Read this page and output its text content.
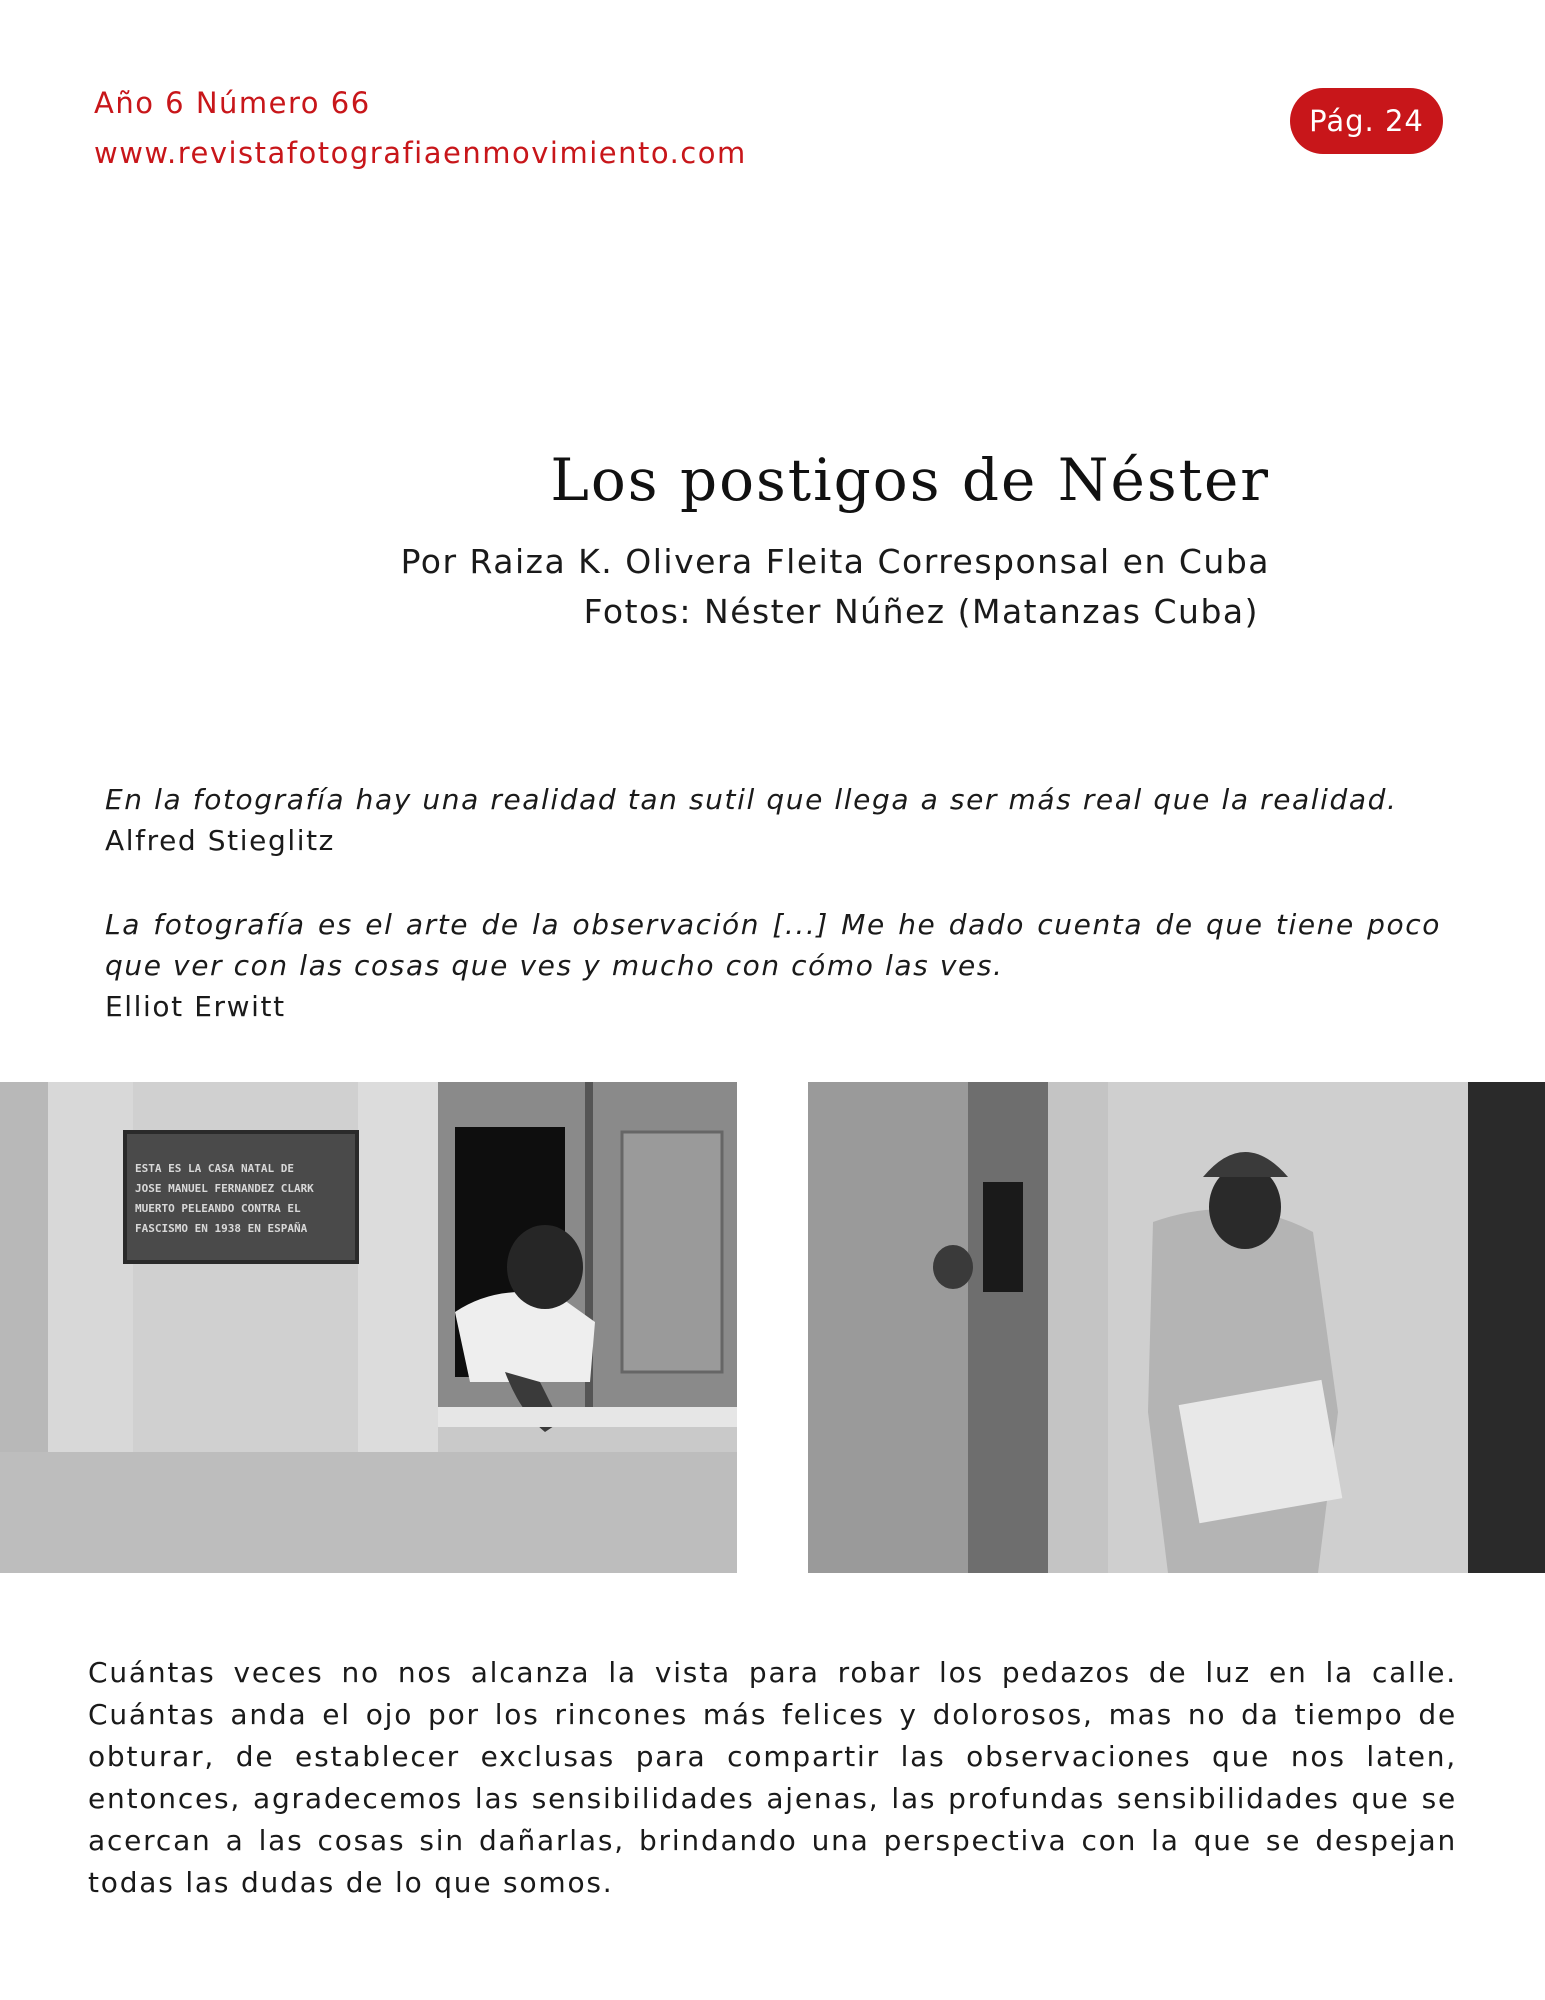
Año 6 Número 66
www.revistafotografiaenmovimiento.com
Pág. 24
Los postigos de Néster
Por Raiza K. Olivera Fleita Corresponsal en Cuba
Fotos: Néster Núñez (Matanzas Cuba)
En la fotografía hay una realidad tan sutil que llega a ser más real que la realidad.
Alfred Stieglitz
La fotografía es el arte de la observación [...] Me he dado cuenta de que tiene poco que ver con las cosas que ves y mucho con cómo las ves.
Elliot Erwitt
ESTA ES LA CASA NATAL DE
JOSE MANUEL FERNANDEZ CLARK
MUERTO PELEANDO CONTRA EL
FASCISMO EN 1938 EN ESPAÑA
Cuántas veces no nos alcanza la vista para robar los pedazos de luz en la calle. Cuántas anda el ojo por los rincones más felices y dolorosos, mas no da tiempo de obturar, de establecer exclusas para compartir las observaciones que nos laten, entonces, agradecemos las sensibilidades ajenas, las profundas sensibilidades que se acercan a las cosas sin dañarlas, brindando una perspectiva con la que se despejan todas las dudas de lo que somos.
